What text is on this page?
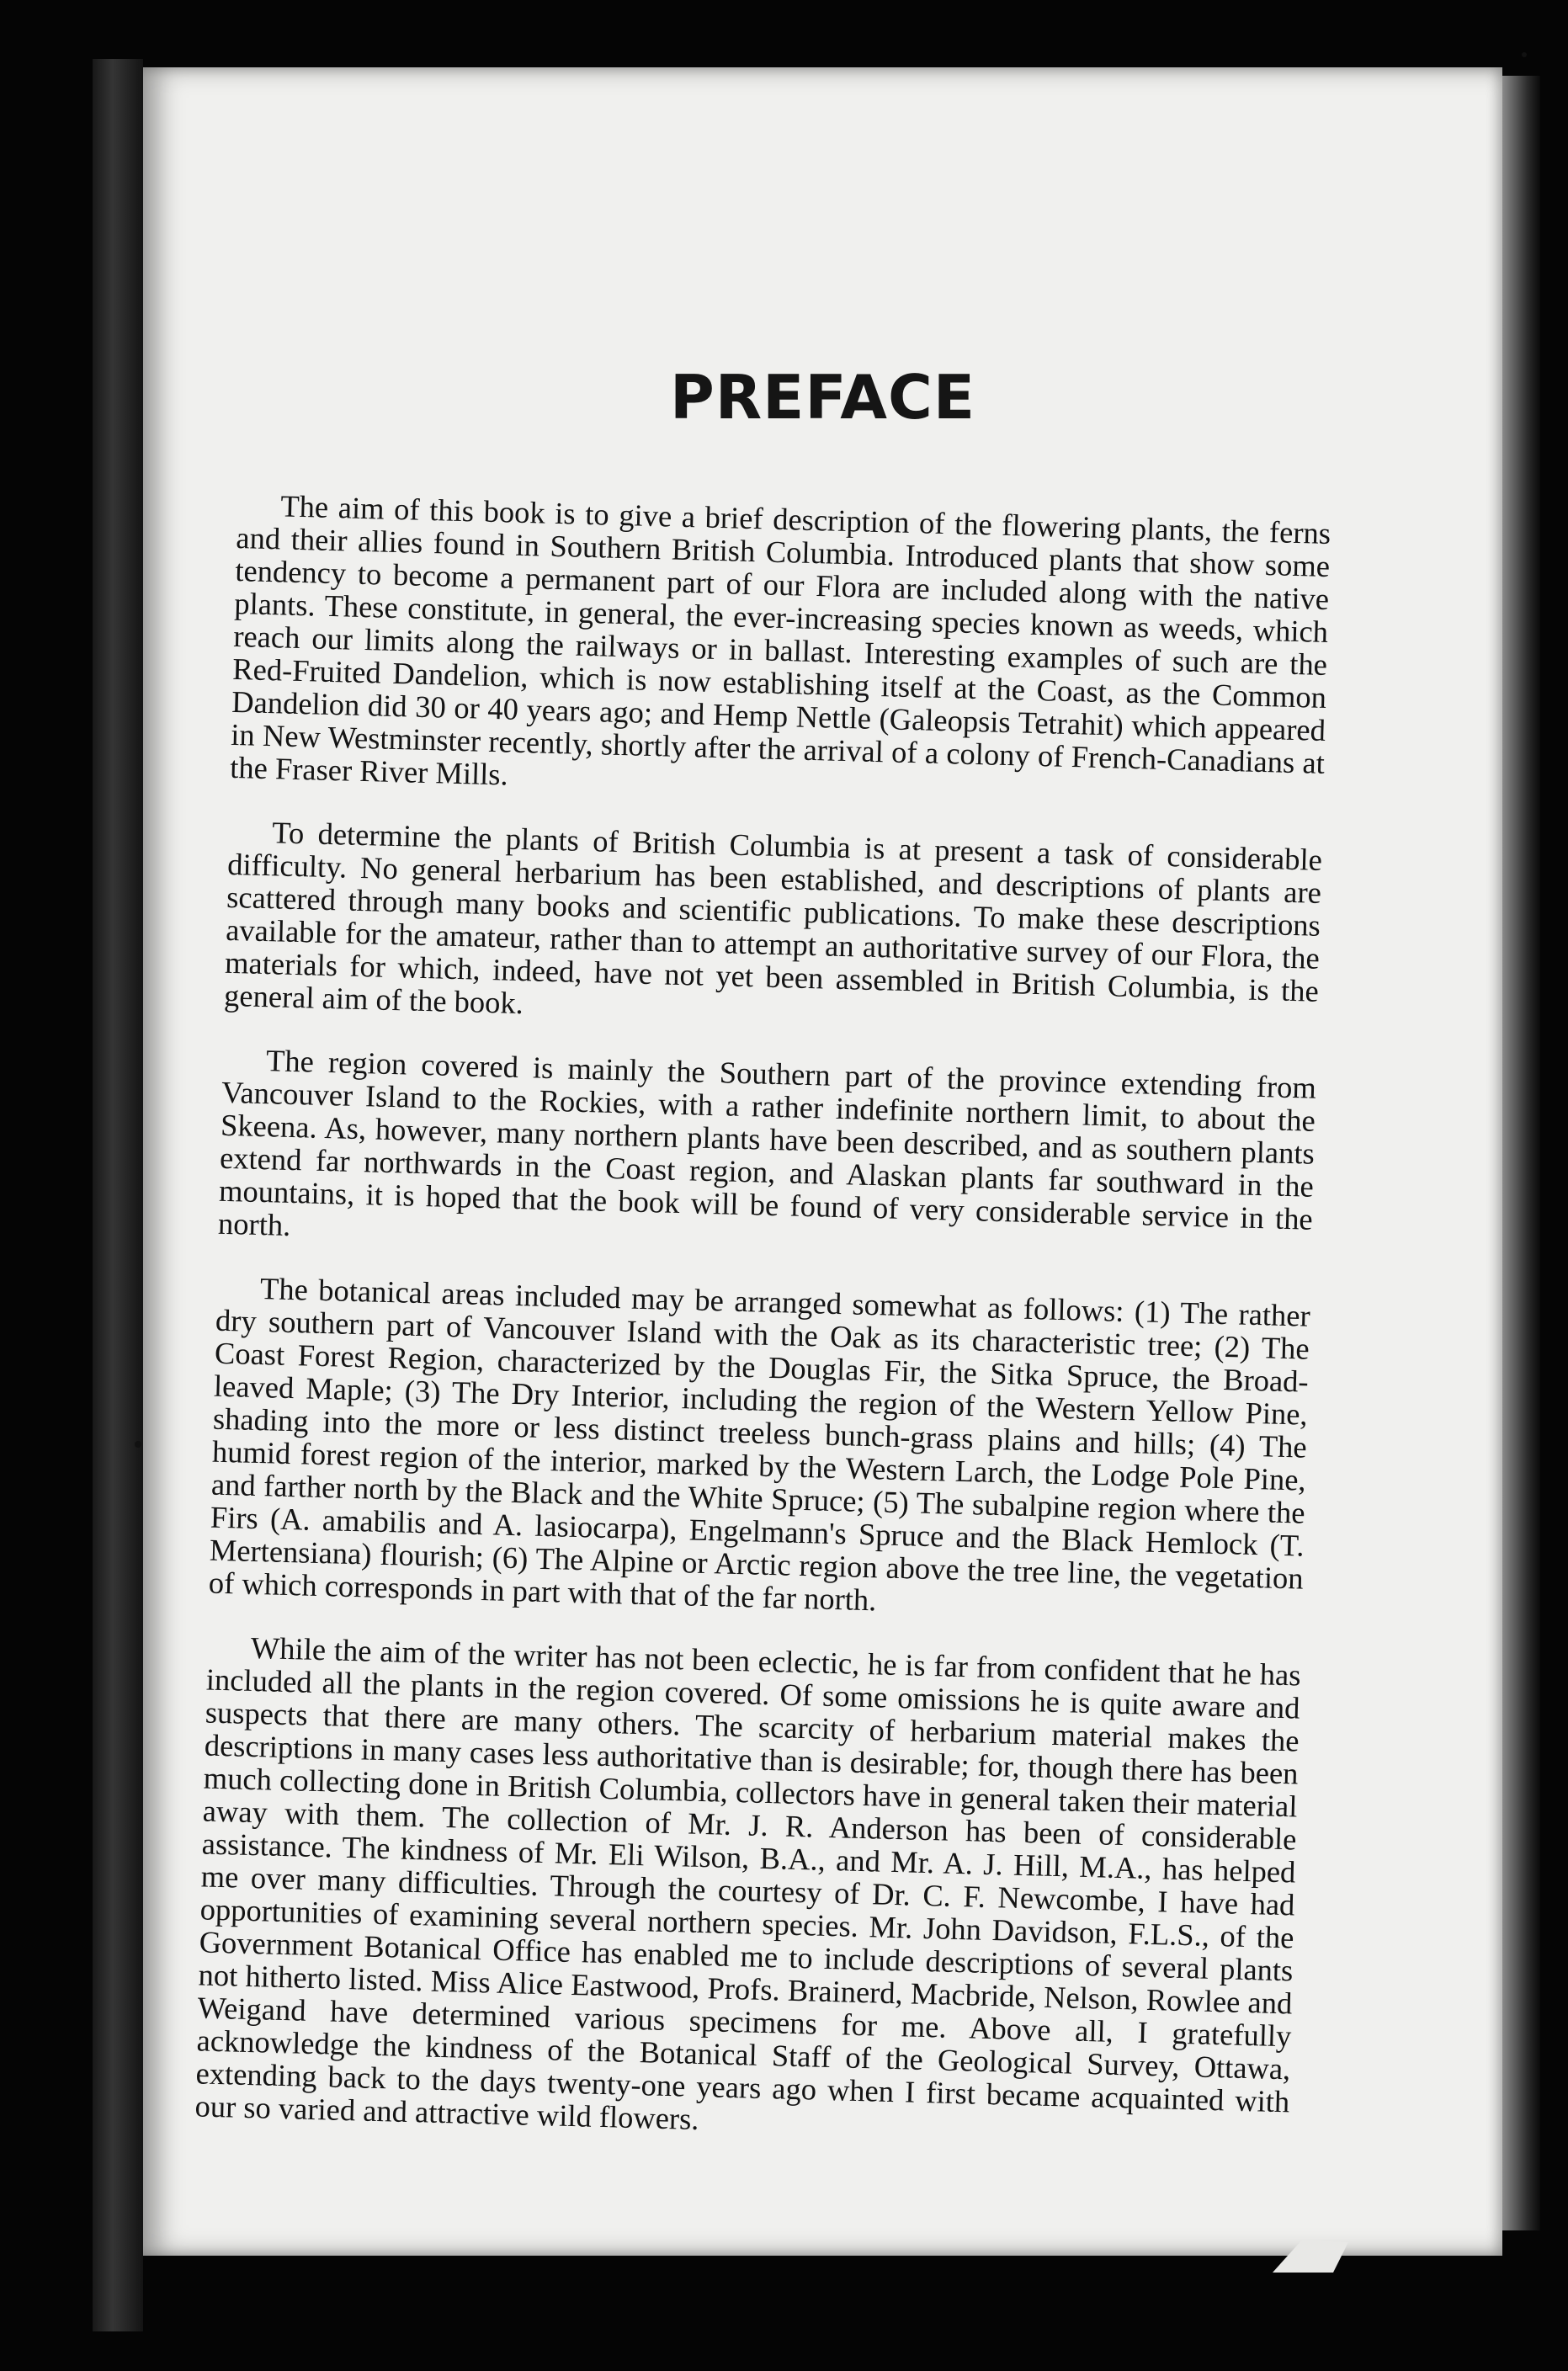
PREFACE

The aim of this book is to give a brief description of the flowering plants, the ferns and their allies found in Southern British Columbia. Introduced plants that show some tendency to become a permanent part of our Flora are included along with the native plants. These constitute, in general, the ever-increasing species known as weeds, which reach our limits along the railways or in ballast. Interesting examples of such are the Red-Fruited Dandelion, which is now establishing itself at the Coast, as the Common Dandelion did 30 or 40 years ago; and Hemp Nettle (Galeopsis Tetrahit) which appeared in New Westminster recently, shortly after the arrival of a colony of French-Canadians at the Fraser River Mills.

To determine the plants of British Columbia is at present a task of considerable difficulty. No general herbarium has been established, and descriptions of plants are scattered through many books and scientific publications. To make these descriptions available for the amateur, rather than to attempt an authoritative survey of our Flora, the materials for which, indeed, have not yet been assembled in British Columbia, is the general aim of the book.

The region covered is mainly the Southern part of the province extending from Vancouver Island to the Rockies, with a rather indefinite northern limit, to about the Skeena. As, however, many northern plants have been described, and as southern plants extend far northwards in the Coast region, and Alaskan plants far southward in the mountains, it is hoped that the book will be found of very considerable service in the north.

The botanical areas included may be arranged somewhat as follows: (1) The rather dry southern part of Vancouver Island with the Oak as its characteristic tree; (2) The Coast Forest Region, characterized by the Douglas Fir, the Sitka Spruce, the Broad-leaved Maple; (3) The Dry Interior, including the region of the Western Yellow Pine, shading into the more or less distinct treeless bunch-grass plains and hills; (4) The humid forest region of the interior, marked by the Western Larch, the Lodge Pole Pine, and farther north by the Black and the White Spruce; (5) The subalpine region where the Firs (A. amabilis and A. lasiocarpa), Engelmann's Spruce and the Black Hemlock (T. Mertensiana) flourish; (6) The Alpine or Arctic region above the tree line, the vegetation of which corresponds in part with that of the far north.

While the aim of the writer has not been eclectic, he is far from confident that he has included all the plants in the region covered. Of some omissions he is quite aware and suspects that there are many others. The scarcity of herbarium material makes the descriptions in many cases less authoritative than is desirable; for, though there has been much collecting done in British Columbia, collectors have in general taken their material away with them. The collection of Mr. J. R. Anderson has been of considerable assistance. The kindness of Mr. Eli Wilson, B.A., and Mr. A. J. Hill, M.A., has helped me over many difficulties. Through the courtesy of Dr. C. F. Newcombe, I have had opportunities of examining several northern species. Mr. John Davidson, F.L.S., of the Government Botanical Office has enabled me to include descriptions of several plants not hitherto listed. Miss Alice Eastwood, Profs. Brainerd, Macbride, Nelson, Rowlee and Weigand have determined various specimens for me. Above all, I gratefully acknowledge the kindness of the Botanical Staff of the Geological Survey, Ottawa, extending back to the days twenty-one years ago when I first became acquainted with our so varied and attractive wild flowers.
